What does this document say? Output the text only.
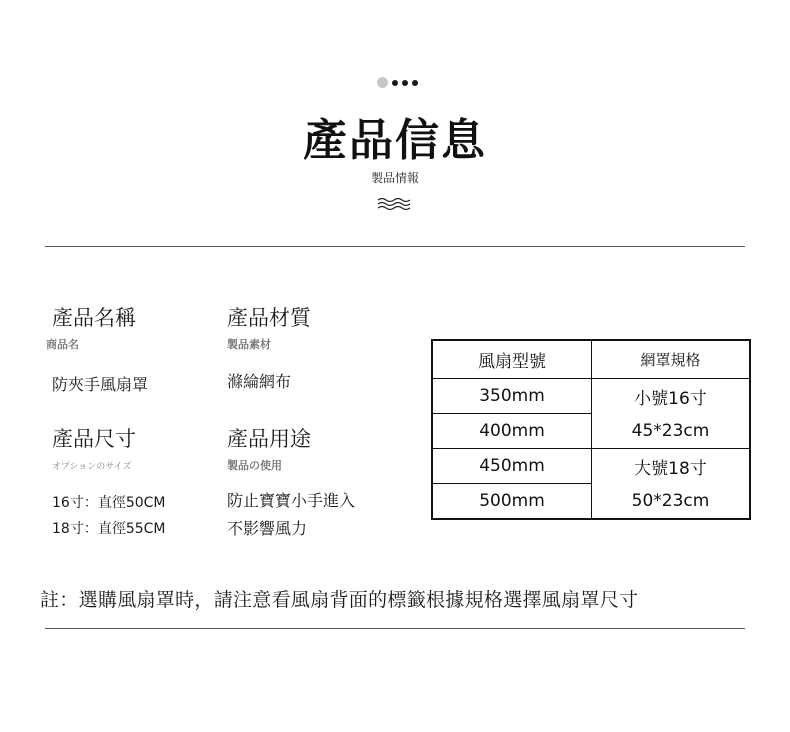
產品信息
製品情報
產品名稱
商品名
防夾手風扇罩
產品材質
製品素材
滌綸網布
產品尺寸
オプションのサイズ
16寸：直徑50CM
18寸：直徑55CM
產品用途
製品の使用
防止寶寶小手進入
不影響風力
風扇型號	網罩規格
350mm	小號16寸
400mm	45*23cm
450mm	大號18寸
500mm	50*23cm
註：選購風扇罩時，請注意看風扇背面的標籤根據規格選擇風扇罩尺寸
